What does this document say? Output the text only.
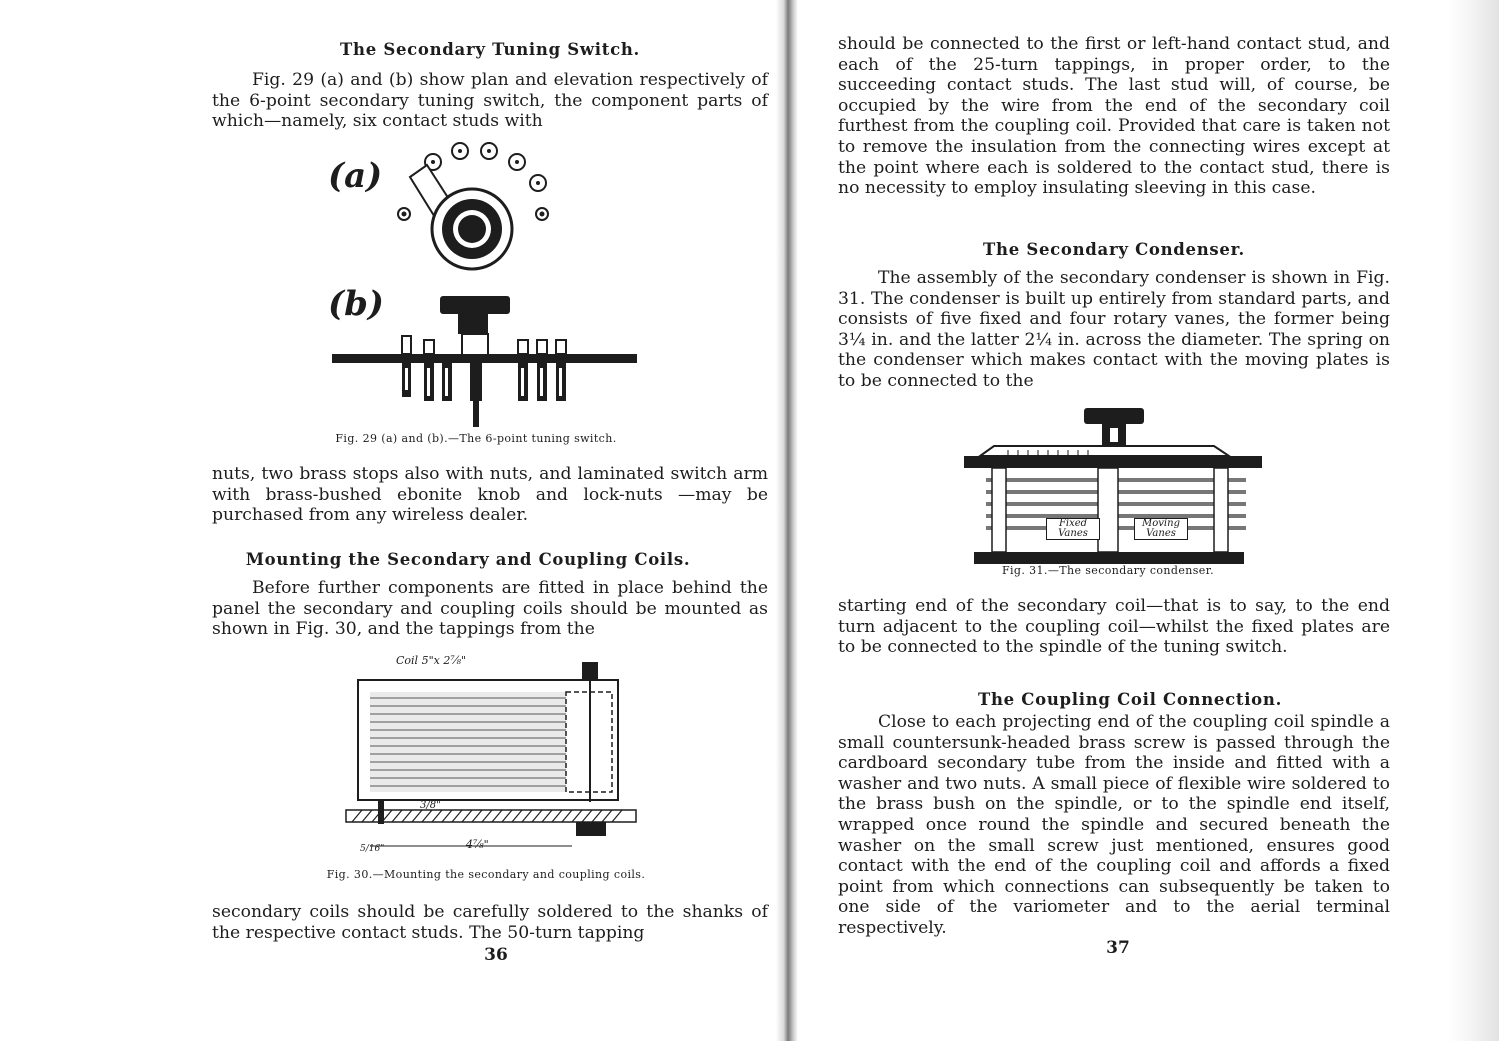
The Secondary Tuning Switch.
Fig. 29 (a) and (b) show plan and elevation respectively of the 6-point secondary tuning switch, the component parts of which—namely, six contact studs with
(a)
(b)
Fig. 29 (a) and (b).—The 6-point tuning switch.
nuts, two brass stops also with nuts, and laminated switch arm with brass-bushed ebonite knob and lock-nuts —may be purchased from any wireless dealer.
Mounting the Secondary and Coupling Coils.
Before further components are fitted in place behind the panel the secondary and coupling coils should be mounted as shown in Fig. 30, and the tappings from the
Coil 5"x 2⅞"
3/8"
4⅞"
5/16"
Fig. 30.—Mounting the secondary and coupling coils.
secondary coils should be carefully soldered to the shanks of the respective contact studs. The 50-turn tapping
36
should be connected to the first or left-hand contact stud, and each of the 25-turn tappings, in proper order, to the succeeding contact studs. The last stud will, of course, be occupied by the wire from the end of the secondary coil furthest from the coupling coil. Provided that care is taken not to remove the insulation from the connecting wires except at the point where each is soldered to the contact stud, there is no necessity to employ insulating sleeving in this case.
The Secondary Condenser.
The assembly of the secondary condenser is shown in Fig. 31. The condenser is built up entirely from standard parts, and consists of five fixed and four rotary vanes, the former being 3¼ in. and the latter 2¼ in. across the diameter. The spring on the condenser which makes contact with the moving plates is to be connected to the
Fixed Vanes
Moving Vanes
Fig. 31.—The secondary condenser.
starting end of the secondary coil—that is to say, to the end turn adjacent to the coupling coil—whilst the fixed plates are to be connected to the spindle of the tuning switch.
The Coupling Coil Connection.
Close to each projecting end of the coupling coil spindle a small countersunk-headed brass screw is passed through the cardboard secondary tube from the inside and fitted with a washer and two nuts. A small piece of flexible wire soldered to the brass bush on the spindle, or to the spindle end itself, wrapped once round the spindle and secured beneath the washer on the small screw just mentioned, ensures good contact with the end of the coupling coil and affords a fixed point from which connections can subsequently be taken to one side of the variometer and to the aerial terminal respectively.
37
